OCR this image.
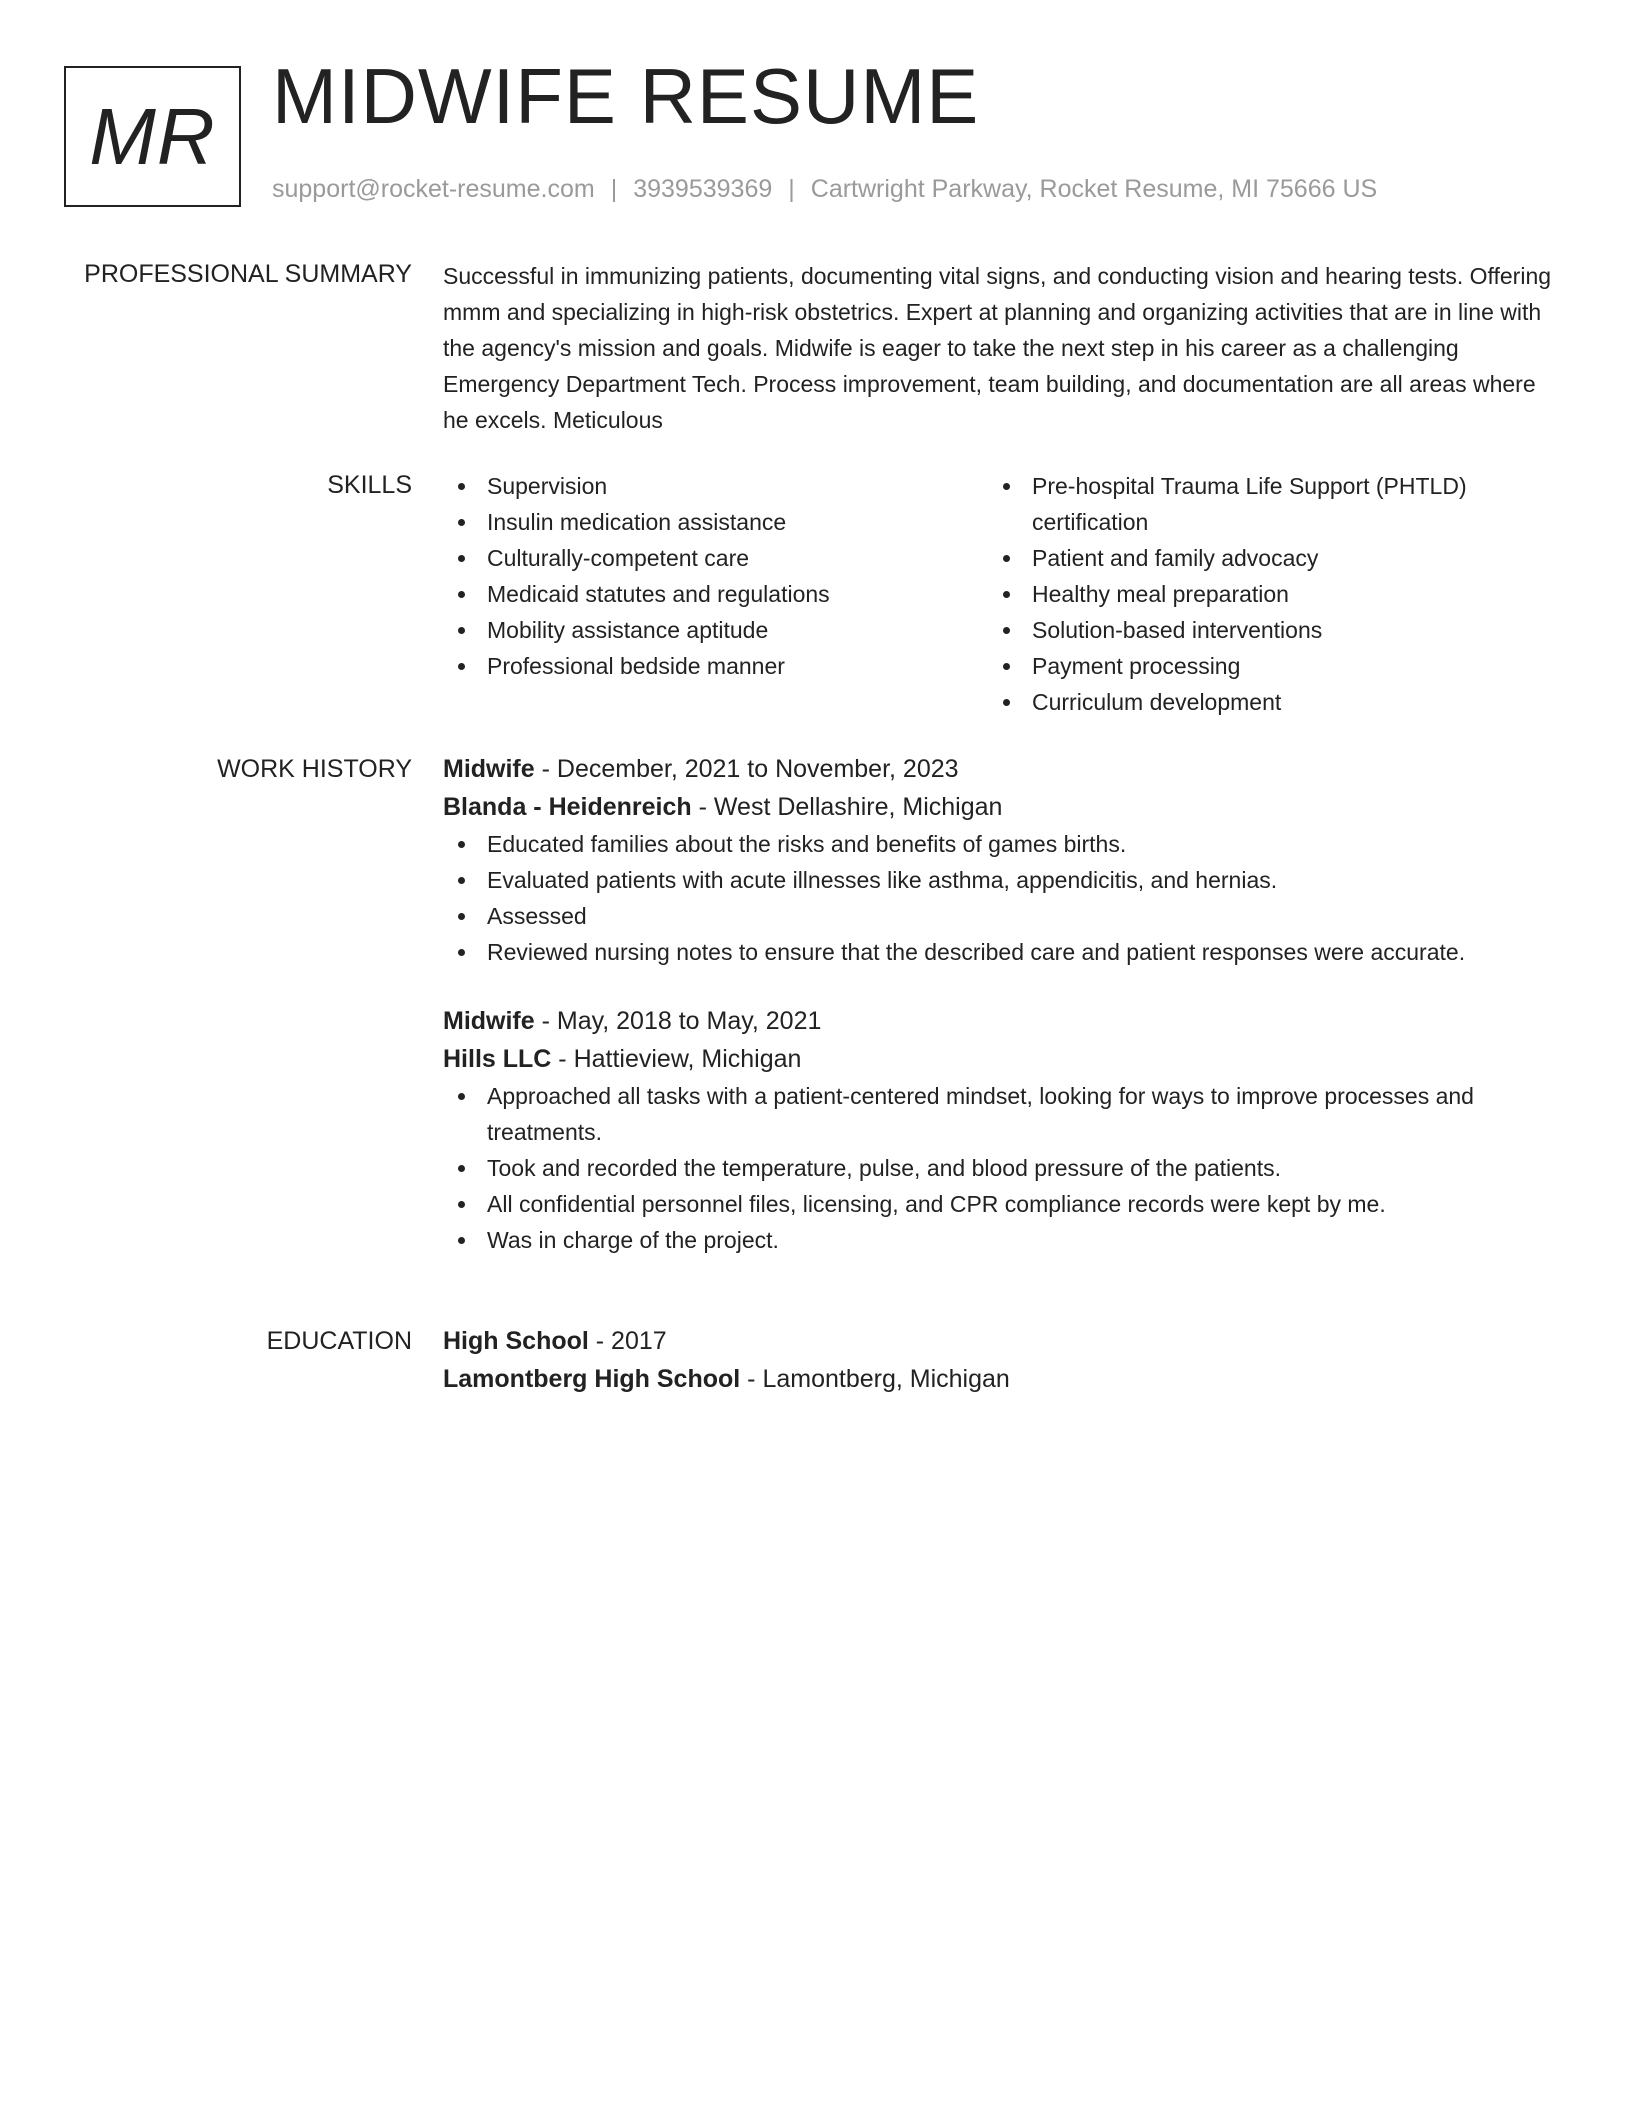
MR MIDWIFE RESUME
support@rocket-resume.com | 3939539369 | Cartwright Parkway, Rocket Resume, MI 75666 US
PROFESSIONAL SUMMARY Successful in immunizing patients, documenting vital signs, and conducting vision and hearing tests. Offering mmm and specializing in high-risk obstetrics. Expert at planning and organizing activities that are in line with the agency's mission and goals. Midwife is eager to take the next step in his career as a challenging Emergency Department Tech. Process improvement, team building, and documentation are all areas where he excels. Meticulous

SKILLS	Supervision
Insulin medication assistance
Culturally-competent care
Medicaid statutes and regulations
Mobility assistance aptitude
Professional bedside manner
Pre-hospital Trauma Life Support (PHTLD) certification
Patient and family advocacy
Healthy meal preparation
Solution-based interventions
Payment processing
Curriculum development
WORK HISTORY Midwife - December, 2021 to November, 2023
Blanda - Heidenreich - West Dellashire, Michigan
Educated families about the risks and benefits of games births.
Evaluated patients with acute illnesses like asthma, appendicitis, and hernias.
Assessed
Reviewed nursing notes to ensure that the described care and patient responses were accurate.
Midwife - May, 2018 to May, 2021
Hills LLC - Hattieview, Michigan
Approached all tasks with a patient-centered mindset, looking for ways to improve processes and treatments.
Took and recorded the temperature, pulse, and blood pressure of the patients.
All confidential personnel files, licensing, and CPR compliance records were kept by me.
Was in charge of the project.
EDUCATION High School - 2017
Lamontberg High School - Lamontberg, Michigan
